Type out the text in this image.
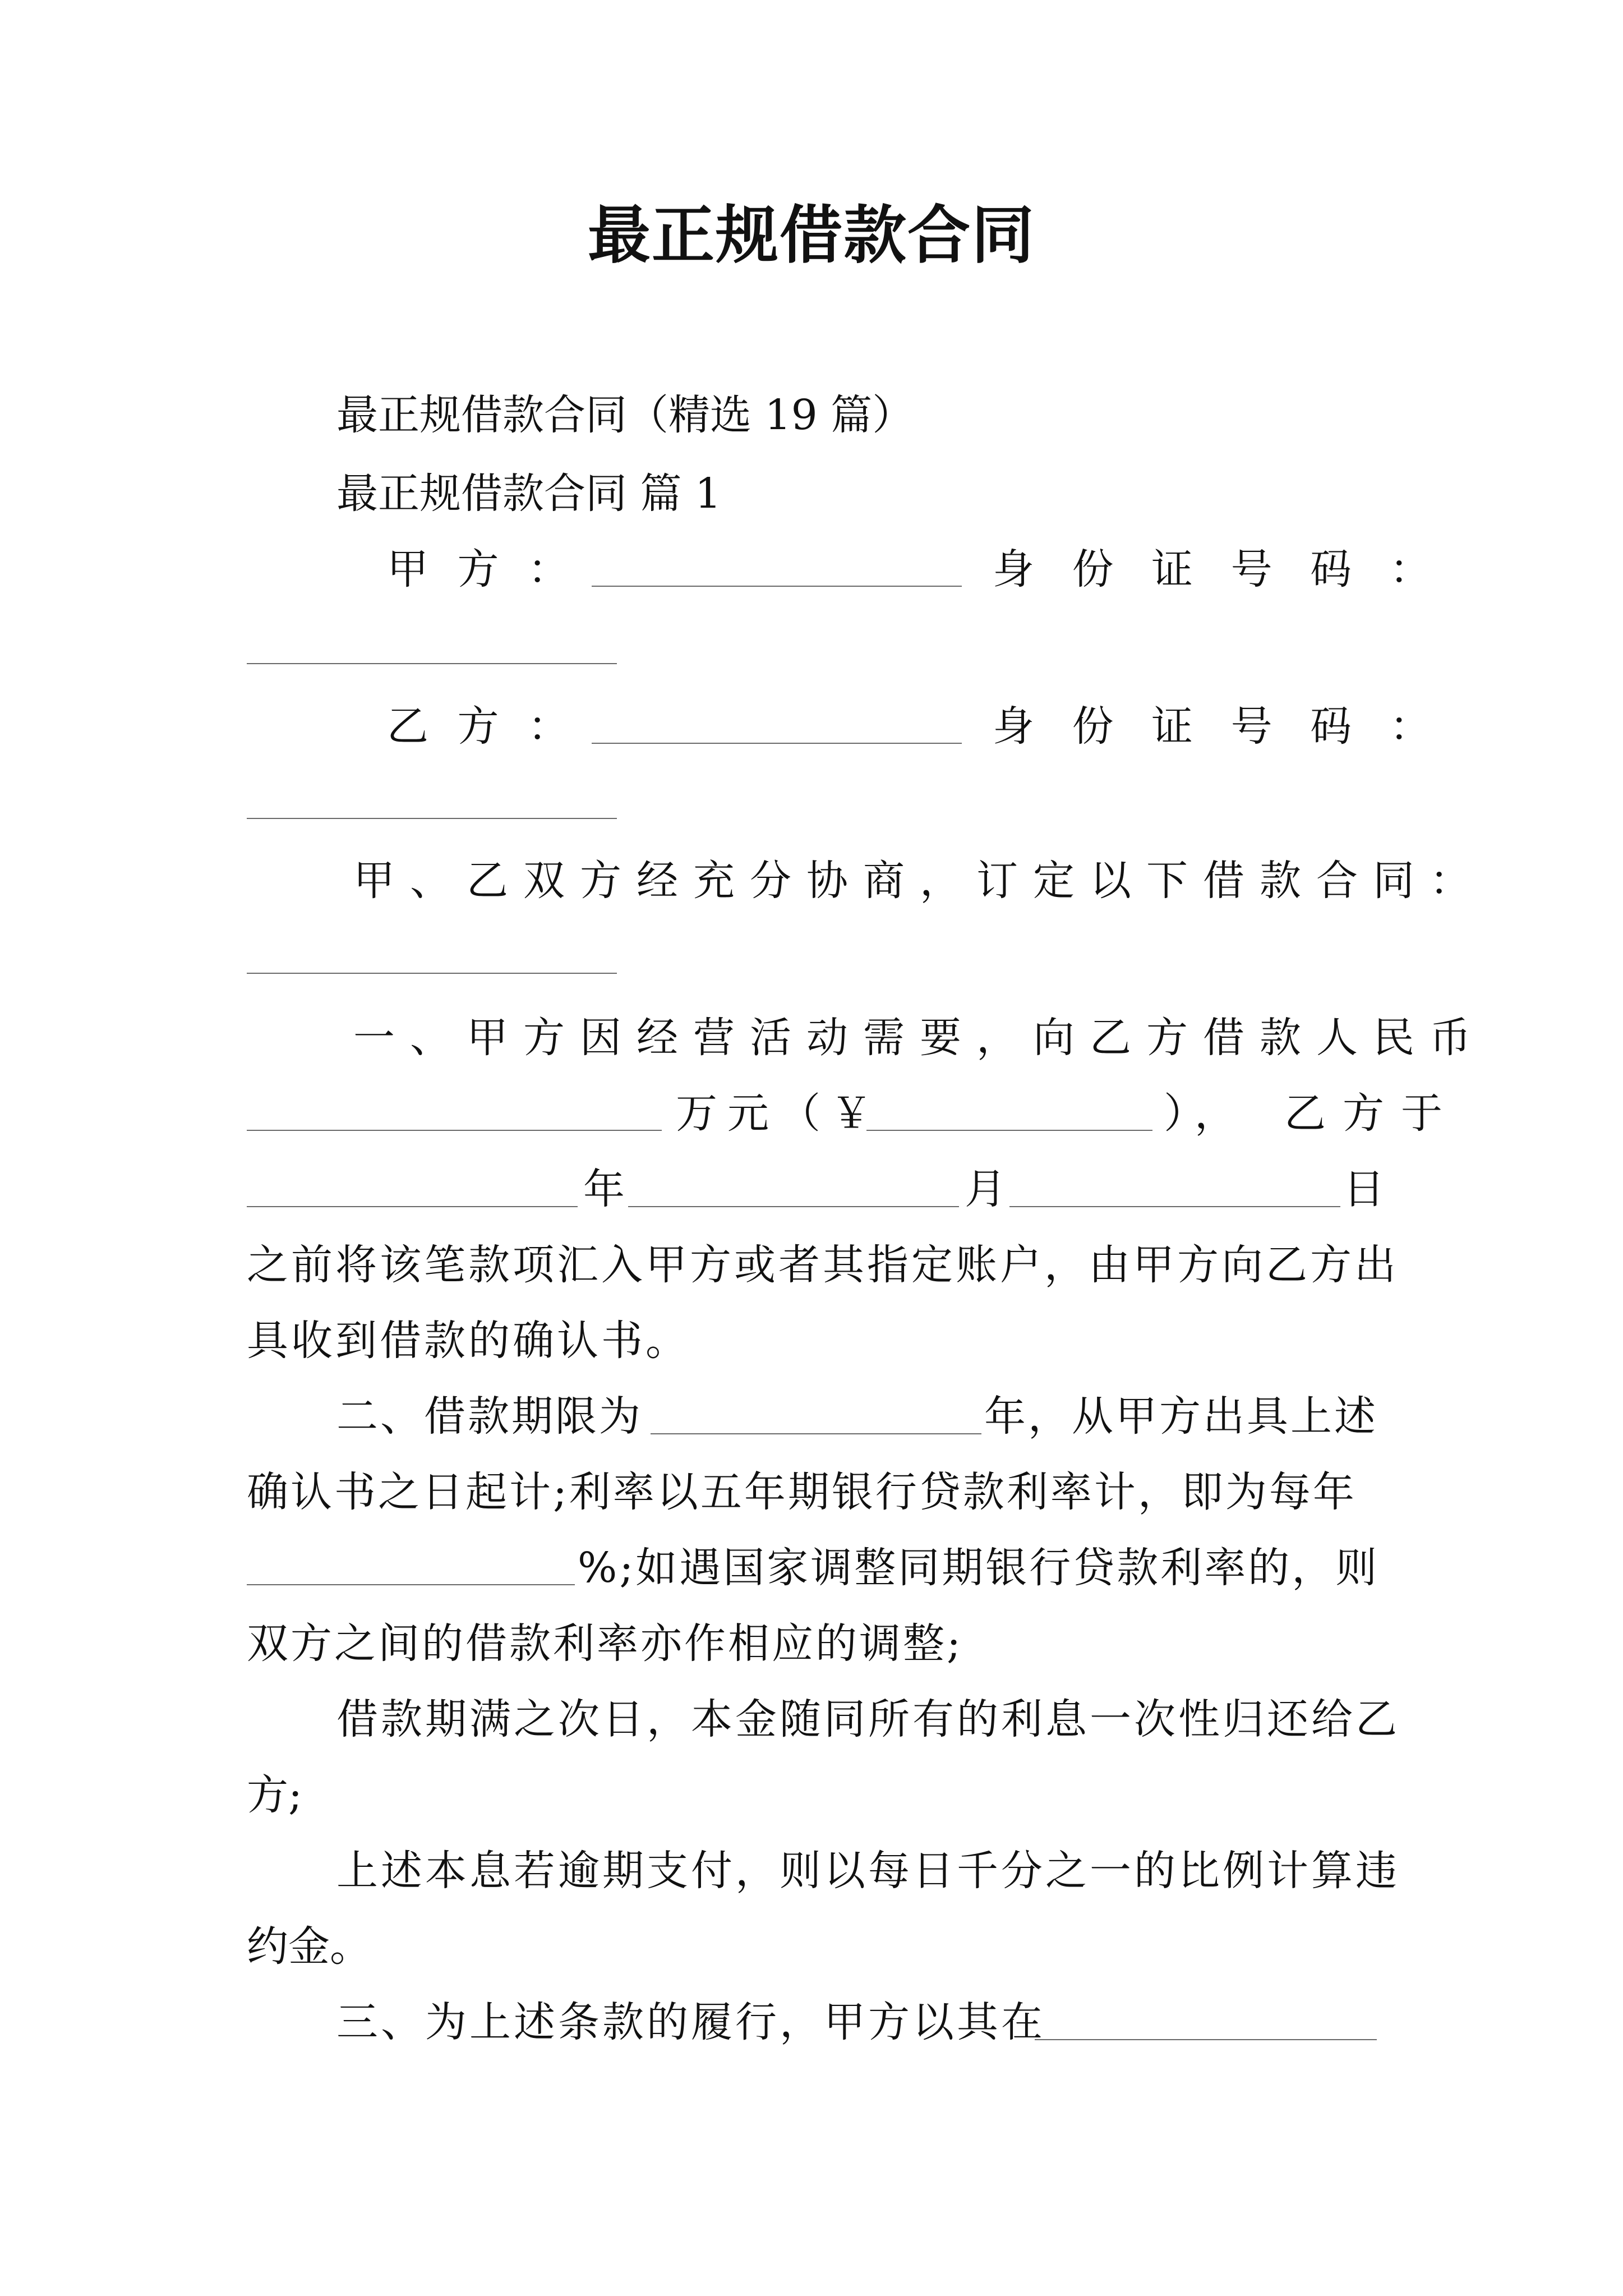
最正规借款合同
最正规借款合同（精选 19 篇）
最正规借款合同 篇 1
甲 方 ：	身 份 证 号 码 ：
乙 方 ：	身 份 证 号 码 ：
甲、乙双方经充分协商，订定以下借款合同：
一、甲方因经营活动需要，向乙方借款人民币
万元（￥	）， 乙方于
年	月	日
之前将该笔款项汇入甲方或者其指定账户，由甲方向乙方出
具收到借款的确认书。
二、借款期限为	年，从甲方出具上述
确认书之日起计;利率以五年期银行贷款利率计，即为每年
%;如遇国家调整同期银行贷款利率的，则
双方之间的借款利率亦作相应的调整;
借款期满之次日，本金随同所有的利息一次性归还给乙
方;
上述本息若逾期支付，则以每日千分之一的比例计算违
约金。
三、为上述条款的履行，甲方以其在
